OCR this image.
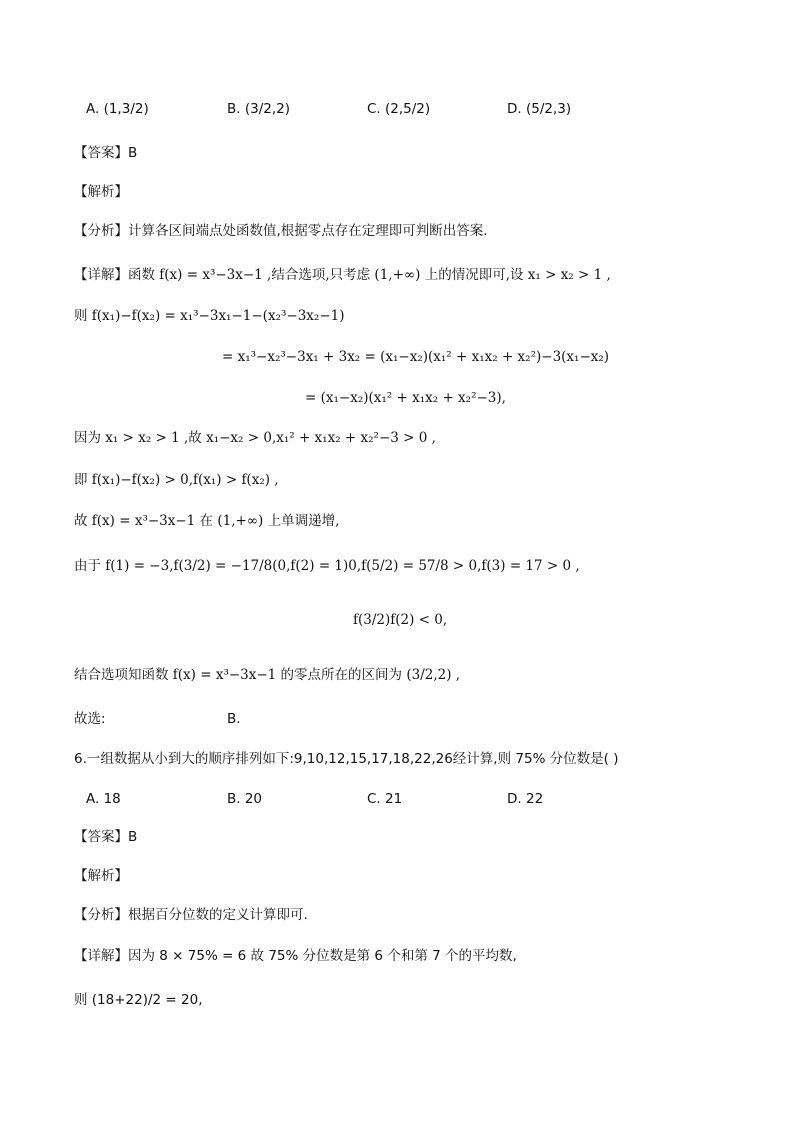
A. (1,3/2)	B. (3/2,2)	C. (2,5/2)	D. (5/2,3)
【答案】B
【解析】
【分析】计算各区间端点处函数值,根据零点存在定理即可判断出答案.
【详解】函数 f(x) = x³−3x−1 ,结合选项,只考虑 (1,+∞) 上的情况即可,设 x₁ > x₂ > 1 ,
则 f(x₁)−f(x₂) = x₁³−3x₁−1−(x₂³−3x₂−1)
= x₁³−x₂³−3x₁ + 3x₂ = (x₁−x₂)(x₁² + x₁x₂ + x₂²)−3(x₁−x₂)
= (x₁−x₂)(x₁² + x₁x₂ + x₂²−3),
因为 x₁ > x₂ > 1 ,故 x₁−x₂ > 0,x₁² + x₁x₂ + x₂²−3 > 0 ,
即 f(x₁)−f(x₂) > 0,f(x₁) > f(x₂) ,
故 f(x) = x³−3x−1 在 (1,+∞) 上单调递增,
由于 f(1) = −3,f(3/2) = −17/8(0,f(2) = 1)0,f(5/2) = 57/8 > 0,f(3) = 17 > 0 ,
f(3/2)f(2) < 0,
结合选项知函数 f(x) = x³−3x−1 的零点所在的区间为 (3/2,2) ,
故选:	B.
6.一组数据从小到大的顺序排列如下:9,10,12,15,17,18,22,26经计算,则 75% 分位数是( )
A. 18	B. 20	C. 21	D. 22
【答案】B
【解析】
【分析】根据百分位数的定义计算即可.
【详解】因为 8 × 75% = 6 故 75% 分位数是第 6 个和第 7 个的平均数,
则 (18+22)/2 = 20,
